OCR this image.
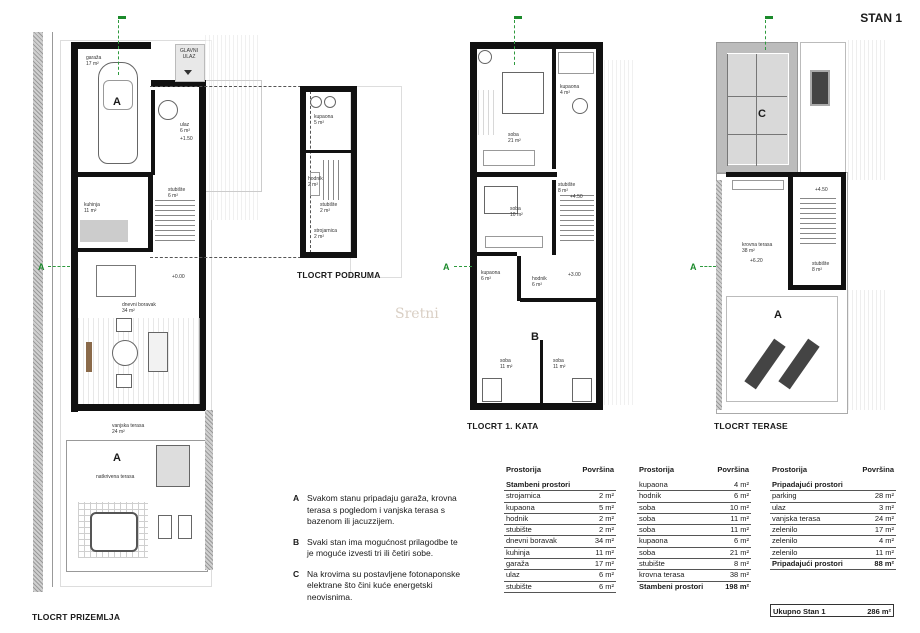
STAN 1
Sretni
A
garaža
17 m²
GLAVNI ULAZ
ulaz
6 m²
+1.50
stubište
6 m²
kuhinja
11 m²
+0.00
dnevni boravak
34 m²
vanjska terasa
24 m²
A
natkrivena terasa
A
TLOCRT PRIZEMLJA
kupaona
5 m²
hodnik
2 m²
stubište
2 m²
strojarnica
2 m²
TLOCRT PODRUMA
soba
21 m²
kupaona
4 m²
stubište
8 m²
+4.50
soba
10 m²
kupaona
6 m²	hodnik
6 m²
+3.00
B
soba
11 m²
soba
11 m²
A
TLOCRT 1. KATA
C
krovna terasa
38 m²
+6.20
+4.50
stubište
8 m²
A
A
TLOCRT TERASE
A Svakom stanu pripadaju garaža, krovna terasa s pogledom i vanjska terasa s bazenom ili jacuzzijem.
B Svaki stan ima mogućnost prilagodbe te je moguće izvesti tri ili četiri sobe.
C Na krovima su postavljene fotonaponske elektrane što čini kuće energetski neovisnima.
Prostorija	Površina
Stambeni prostori	
strojarnica	2 m²
kupaona	5 m²
hodnik	2 m²
stubište	2 m²
dnevni boravak	34 m²
kuhinja	11 m²
garaža	17 m²
ulaz	6 m²
stubište	6 m²
Prostorija	Površina
kupaona	4 m²
hodnik	6 m²
soba	10 m²
soba	11 m²
soba	11 m²
kupaona	6 m²
soba	21 m²
stubište	8 m²
krovna terasa	38 m²
Stambeni prostori	198 m²
Prostorija	Površina
Pripadajući prostori	
parking	28 m²
ulaz	3 m²
vanjska terasa	24 m²
zelenilo	17 m²
zelenilo	4 m²
zelenilo	11 m²
Pripadajući prostori	88 m²
Ukupno Stan 1	286 m²
